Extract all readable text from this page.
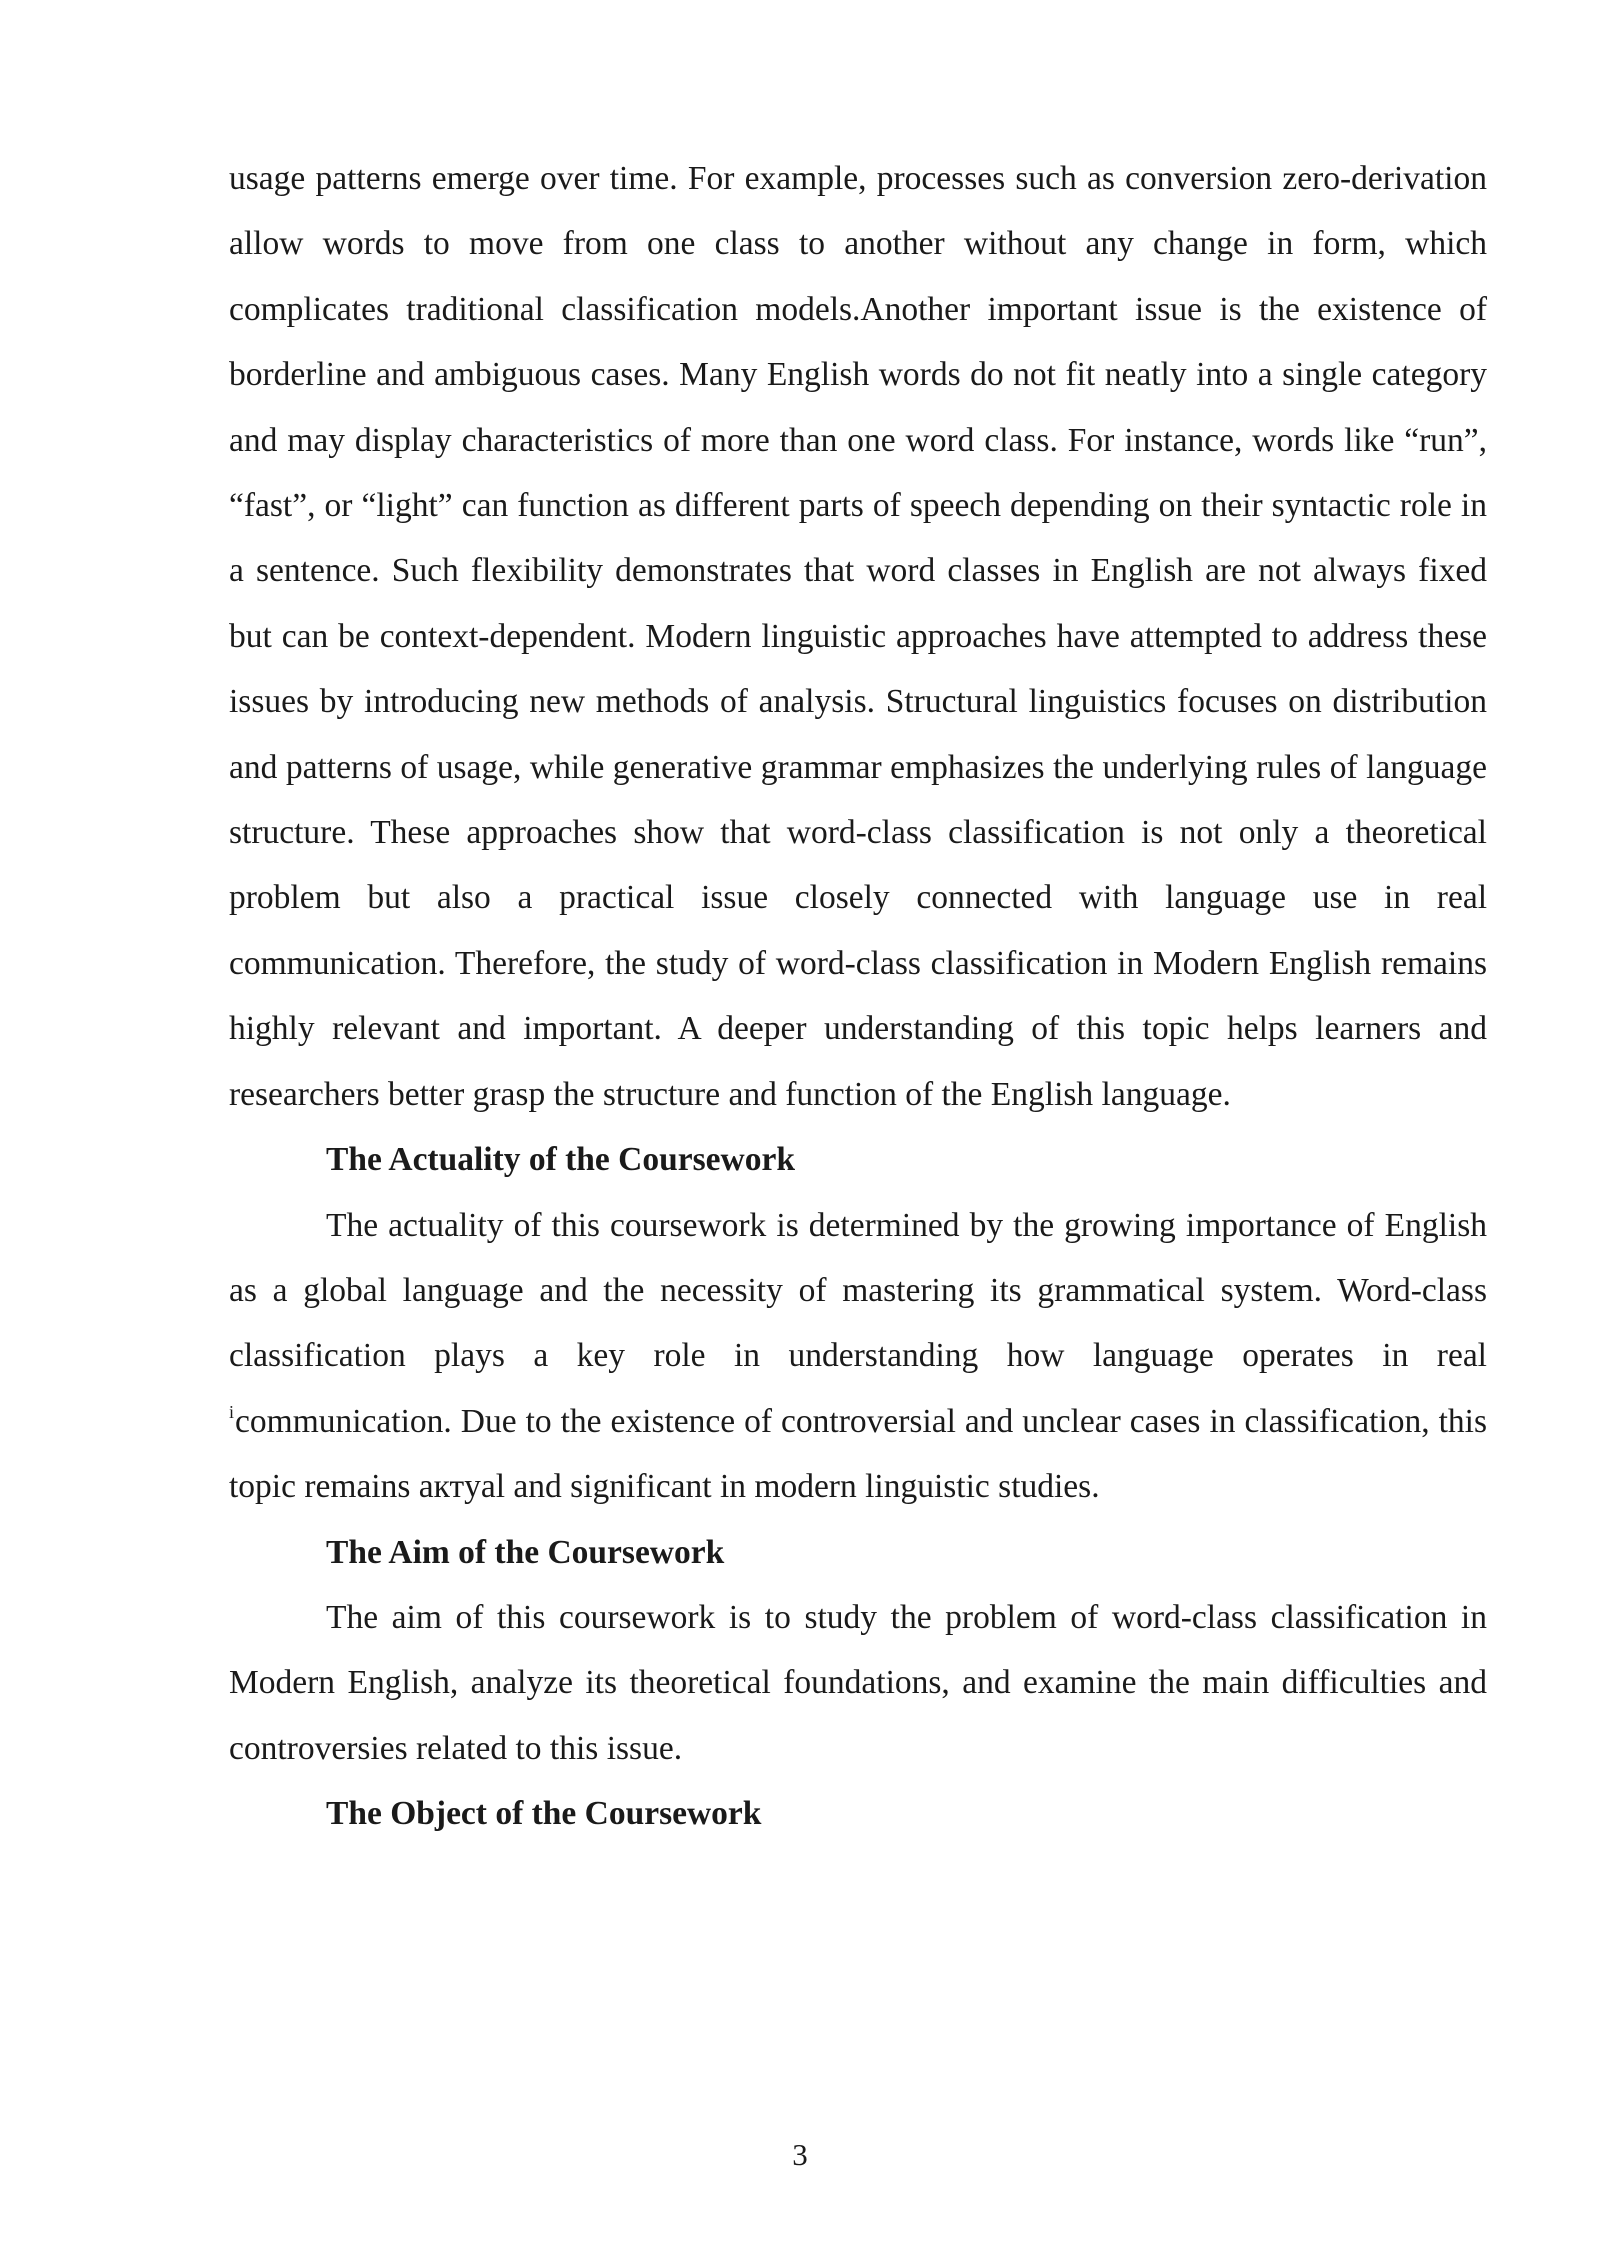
usage patterns emerge over time. For example, processes such as conversion zero-derivation allow words to move from one class to another without any change in form, which complicates traditional classification models.Another important issue is the existence of borderline and ambiguous cases. Many English words do not fit neatly into a single category and may display characteristics of more than one word class. For instance, words like “run”, “fast”, or “light” can function as different parts of speech depending on their syntactic role in a sentence. Such flexibility demonstrates that word classes in English are not always fixed but can be context-dependent. Modern linguistic approaches have attempted to address these issues by introducing new methods of analysis. Structural linguistics focuses on distribution and patterns of usage, while generative grammar emphasizes the underlying rules of language structure. These approaches show that word-class classification is not only a theoretical problem but also a practical issue closely connected with language use in real communication. Therefore, the study of word-class classification in Modern English remains highly relevant and important. A deeper understanding of this topic helps learners and researchers better grasp the structure and function of the English language.

The Actuality of the Coursework

The actuality of this coursework is determined by the growing importance of English as a global language and the necessity of mastering its grammatical system. Word-class classification plays a key role in understanding how language operates in real $^i$communication. Due to the existence of controversial and unclear cases in classification, this topic remains актyal and significant in modern linguistic studies.

The Aim of the Coursework

The aim of this coursework is to study the problem of word-class classification in Modern English, analyze its theoretical foundations, and examine the main difficulties and controversies related to this issue.

The Object of the Coursework
3
